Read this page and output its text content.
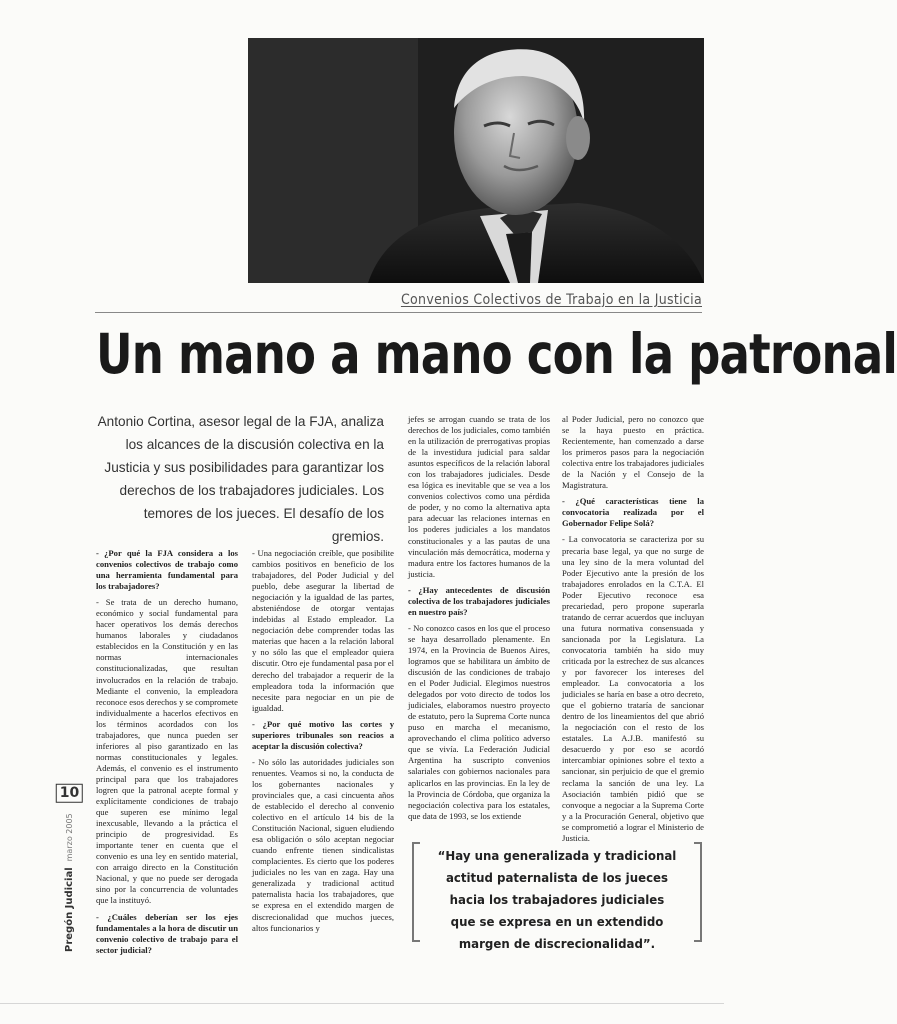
Convenios Colectivos de Trabajo en la Justicia
Un mano a mano con la patronal
Antonio Cortina, asesor legal de la FJA, analiza los alcances de la discusión colectiva en la Justicia y sus posibilidades para garantizar los derechos de los trabajadores judiciales. Los temores de los jueces. El desafío de los gremios.

- ¿Por qué la FJA considera a los convenios colectivos de trabajo como una herramienta fundamental para los trabajadores?

- Se trata de un derecho humano, económico y social fundamental para hacer operativos los demás derechos humanos laborales y ciudadanos establecidos en la Constitución y en las normas internacionales constitucionalizadas, que resultan involucrados en la relación de trabajo. Mediante el convenio, la empleadora reconoce esos derechos y se compromete individualmente a hacerlos efectivos en los términos acordados con los trabajadores, que nunca pueden ser inferiores al piso garantizado en las normas constitucionales y legales. Además, el convenio es el instrumento principal para que los trabajadores logren que la patronal acepte formal y explícitamente condiciones de trabajo que superen ese mínimo legal inexcusable, llevando a la práctica el principio de progresividad. Es importante tener en cuenta que el convenio es una ley en sentido material, con arraigo directo en la Constitución Nacional, y que no puede ser derogada sino por la concurrencia de voluntades que la instituyó.

- ¿Cuáles deberían ser los ejes fundamentales a la hora de discutir un convenio colectivo de trabajo para el sector judicial?

- Una negociación creíble, que posibilite cambios positivos en beneficio de los trabajadores, del Poder Judicial y del pueblo, debe asegurar la libertad de negociación y la igualdad de las partes, absteniéndose de otorgar ventajas indebidas al Estado empleador. La negociación debe comprender todas las materias que hacen a la relación laboral y no sólo las que el empleador quiera discutir. Otro eje fundamental pasa por el derecho del trabajador a requerir de la empleadora toda la información que necesite para negociar en un pie de igualdad.

- ¿Por qué motivo las cortes y superiores tribunales son reacios a aceptar la discusión colectiva?

- No sólo las autoridades judiciales son renuentes. Veamos si no, la conducta de los gobernantes nacionales y provinciales que, a casi cincuenta años de establecido el derecho al convenio colectivo en el artículo 14 bis de la Constitución Nacional, siguen eludiendo esa obligación o sólo aceptan negociar cuando enfrente tienen sindicalistas complacientes. Es cierto que los poderes judiciales no les van en zaga. Hay una generalizada y tradicional actitud paternalista hacia los trabajadores, que se expresa en el extendido margen de discrecionalidad que muchos jueces, altos funcionarios y

jefes se arrogan cuando se trata de los derechos de los judiciales, como también en la utilización de prerrogativas propias de la investidura judicial para saldar asuntos específicos de la relación laboral con los trabajadores judiciales. Desde esa lógica es inevitable que se vea a los convenios colectivos como una pérdida de poder, y no como la alternativa apta para adecuar las relaciones internas en los poderes judiciales a los mandatos constitucionales y a las pautas de una vinculación más democrática, moderna y madura entre los factores humanos de la justicia.

- ¿Hay antecedentes de discusión colectiva de los trabajadores judiciales en nuestro país?

- No conozco casos en los que el proceso se haya desarrollado plenamente. En 1974, en la Provincia de Buenos Aires, logramos que se habilitara un ámbito de discusión de las condiciones de trabajo en el Poder Judicial. Elegimos nuestros delegados por voto directo de todos los judiciales, elaboramos nuestro proyecto de estatuto, pero la Suprema Corte nunca puso en marcha el mecanismo, aprovechando el clima político adverso que se vivía. La Federación Judicial Argentina ha suscripto convenios salariales con gobiernos nacionales para aplicarlos en las provincias. En la ley de la Provincia de Córdoba, que organiza la negociación colectiva para los estatales, que data de 1993, se los extiende

al Poder Judicial, pero no conozco que se la haya puesto en práctica. Recientemente, han comenzado a darse los primeros pasos para la negociación colectiva entre los trabajadores judiciales de la Nación y el Consejo de la Magistratura.

- ¿Qué características tiene la convocatoria realizada por el Gobernador Felipe Solá?

- La convocatoria se caracteriza por su precaria base legal, ya que no surge de una ley sino de la mera voluntad del Poder Ejecutivo ante la presión de los trabajadores enrolados en la C.T.A. El Poder Ejecutivo reconoce esa precariedad, pero propone superarla tratando de cerrar acuerdos que incluyan una futura normativa consensuada y sancionada por la Legislatura. La convocatoria también ha sido muy criticada por la estrechez de sus alcances y por favorecer los intereses del empleador. La convocatoria a los judiciales se haría en base a otro decreto, que el gobierno trataría de sancionar dentro de los lineamientos del que abrió la negociación con el resto de los estatales. La A.J.B. manifestó su desacuerdo y por eso se acordó intercambiar opiniones sobre el texto a sancionar, sin perjuicio de que el gremio reclama la sanción de una ley. La Asociación también pidió que se convoque a negociar a la Suprema Corte y a la Procuración General, objetivo que se comprometió a lograr el Ministerio de Justicia.

“Hay una generalizada y tradicional actitud paternalista de los jueces hacia los trabajadores judiciales que se expresa en un extendido margen de discrecionalidad”.
Pregón Judicial
marzo 2005
10
